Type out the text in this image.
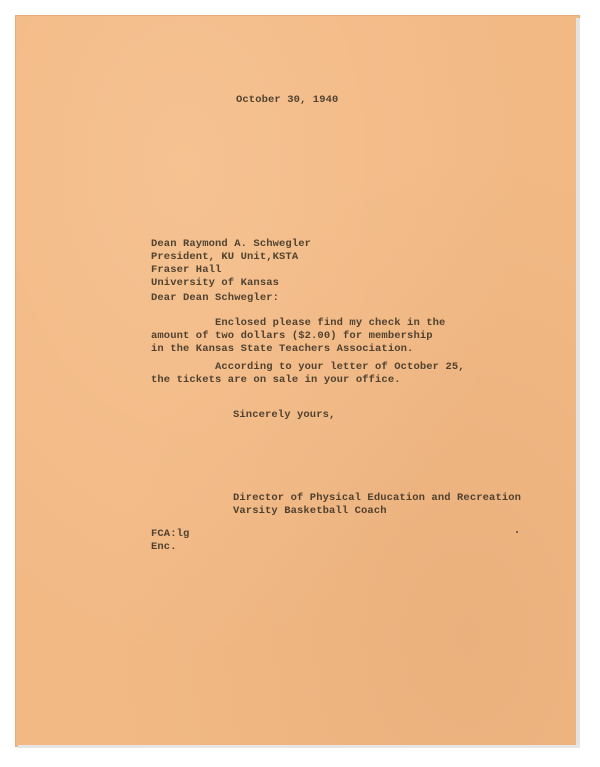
October 30, 1940
Dean Raymond A. Schwegler
President, KU Unit,KSTA
Fraser Hall
University of Kansas
Dear Dean Schwegler:
Enclosed please find my check in the
amount of two dollars ($2.00) for membership
in the Kansas State Teachers Association.
According to your letter of October 25,
the tickets are on sale in your office.
Sincerely yours,
Director of Physical Education and Recreation
Varsity Basketball Coach
FCA:lg
Enc.
